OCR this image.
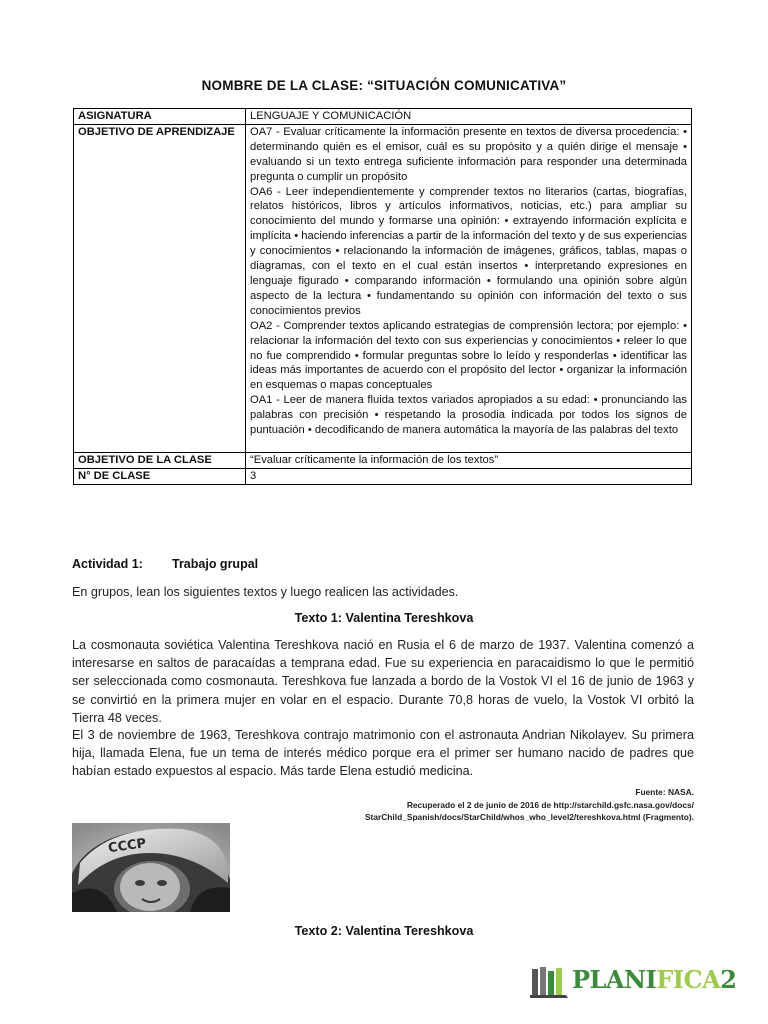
NOMBRE DE LA CLASE: “SITUACIÓN COMUNICATIVA”
ASIGNATURA	LENGUAJE Y COMUNICACIÓN
OBJETIVO DE APRENDIZAJE	OA7 - Evaluar críticamente la información presente en textos de diversa procedencia: • determinando quién es el emisor, cuál es su propósito y a quién dirige el mensaje • evaluando si un texto entrega suficiente información para responder una determinada pregunta o cumplir un propósito

OA6 - Leer independientemente y comprender textos no literarios (cartas, biografías, relatos históricos, libros y artículos informativos, noticias, etc.) para ampliar su conocimiento del mundo y formarse una opinión: • extrayendo información explícita e implícita • haciendo inferencias a partir de la información del texto y de sus experiencias y conocimientos • relacionando la información de imágenes, gráficos, tablas, mapas o diagramas, con el texto en el cual están insertos • interpretando expresiones en lenguaje figurado • comparando información • formulando una opinión sobre algún aspecto de la lectura • fundamentando su opinión con información del texto o sus conocimientos previos

OA2 - Comprender textos aplicando estrategias de comprensión lectora; por ejemplo: • relacionar la información del texto con sus experiencias y conocimientos • releer lo que no fue comprendido • formular preguntas sobre lo leído y responderlas • identificar las ideas más importantes de acuerdo con el propósito del lector • organizar la información en esquemas o mapas conceptuales

OA1 - Leer de manera fluida textos variados apropiados a su edad: • pronunciando las palabras con precisión • respetando la prosodia indicada por todos los signos de puntuación • decodificando de manera automática la mayoría de las palabras del texto

OBJETIVO DE LA CLASE	“Evaluar críticamente la información de los textos”
N° DE CLASE	3
Actividad 1: Trabajo grupal

En grupos, lean los siguientes textos y luego realicen las actividades.

Texto 1: Valentina Tereshkova

La cosmonauta soviética Valentina Tereshkova nació en Rusia el 6 de marzo de 1937. Valentina comenzó a interesarse en saltos de paracaídas a temprana edad. Fue su experiencia en paracaidismo lo que le permitió ser seleccionada como cosmonauta. Tereshkova fue lanzada a bordo de la Vostok VI el 16 de junio de 1963 y se convirtió en la primera mujer en volar en el espacio. Durante 70,8 horas de vuelo, la Vostok VI orbitó la Tierra 48 veces.

El 3 de noviembre de 1963, Tereshkova contrajo matrimonio con el astronauta Andrian Nikolayev. Su primera hija, llamada Elena, fue un tema de interés médico porque era el primer ser humano nacido de padres que habían estado expuestos al espacio. Más tarde Elena estudió medicina.

Fuente: NASA.
Recuperado el 2 de junio de 2016 de http://starchild.gsfc.nasa.gov/docs/
StarChild_Spanish/docs/StarChild/whos_who_level2/tereshkova.html (Fragmento).
CCCP
Texto 2: Valentina Tereshkova
PLANIFICA2
